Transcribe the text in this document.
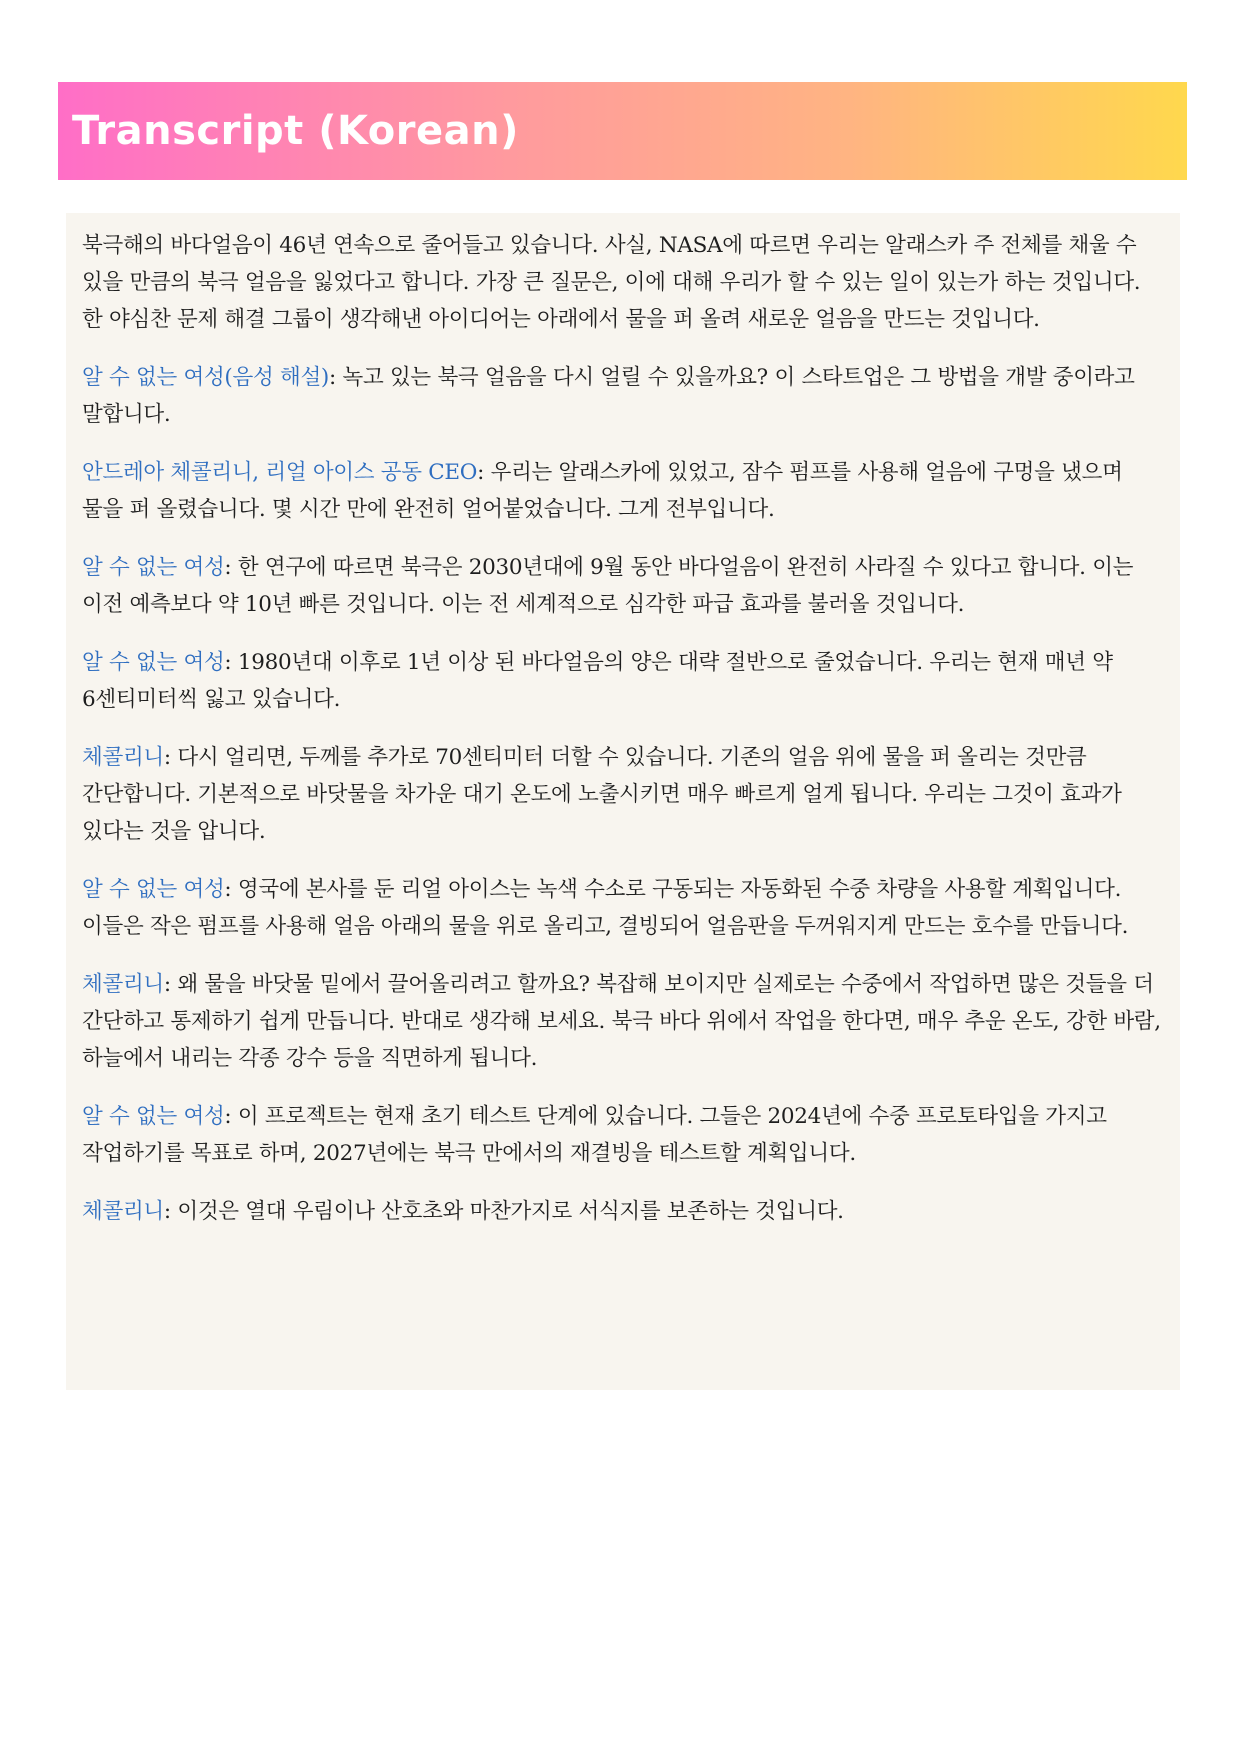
Transcript (Korean)

북극해의 바다얼음이 46년 연속으로 줄어들고 있습니다. 사실, NASA에 따르면 우리는 알래스카 주 전체를 채울 수 있을 만큼의 북극 얼음을 잃었다고 합니다. 가장 큰 질문은, 이에 대해 우리가 할 수 있는 일이 있는가 하는 것입니다. 한 야심찬 문제 해결 그룹이 생각해낸 아이디어는 아래에서 물을 퍼 올려 새로운 얼음을 만드는 것입니다.

알 수 없는 여성(음성 해설): 녹고 있는 북극 얼음을 다시 얼릴 수 있을까요? 이 스타트업은 그 방법을 개발 중이라고 말합니다.

안드레아 체콜리니, 리얼 아이스 공동 CEO: 우리는 알래스카에 있었고, 잠수 펌프를 사용해 얼음에 구멍을 냈으며 물을 퍼 올렸습니다. 몇 시간 만에 완전히 얼어붙었습니다. 그게 전부입니다.

알 수 없는 여성: 한 연구에 따르면 북극은 2030년대에 9월 동안 바다얼음이 완전히 사라질 수 있다고 합니다. 이는 이전 예측보다 약 10년 빠른 것입니다. 이는 전 세계적으로 심각한 파급 효과를 불러올 것입니다.

알 수 없는 여성: 1980년대 이후로 1년 이상 된 바다얼음의 양은 대략 절반으로 줄었습니다. 우리는 현재 매년 약 6센티미터씩 잃고 있습니다.

체콜리니: 다시 얼리면, 두께를 추가로 70센티미터 더할 수 있습니다. 기존의 얼음 위에 물을 퍼 올리는 것만큼 간단합니다. 기본적으로 바닷물을 차가운 대기 온도에 노출시키면 매우 빠르게 얼게 됩니다. 우리는 그것이 효과가 있다는 것을 압니다.

알 수 없는 여성: 영국에 본사를 둔 리얼 아이스는 녹색 수소로 구동되는 자동화된 수중 차량을 사용할 계획입니다. 이들은 작은 펌프를 사용해 얼음 아래의 물을 위로 올리고, 결빙되어 얼음판을 두꺼워지게 만드는 호수를 만듭니다.

체콜리니: 왜 물을 바닷물 밑에서 끌어올리려고 할까요? 복잡해 보이지만 실제로는 수중에서 작업하면 많은 것들을 더 간단하고 통제하기 쉽게 만듭니다. 반대로 생각해 보세요. 북극 바다 위에서 작업을 한다면, 매우 추운 온도, 강한 바람, 하늘에서 내리는 각종 강수 등을 직면하게 됩니다.

알 수 없는 여성: 이 프로젝트는 현재 초기 테스트 단계에 있습니다. 그들은 2024년에 수중 프로토타입을 가지고 작업하기를 목표로 하며, 2027년에는 북극 만에서의 재결빙을 테스트할 계획입니다.

체콜리니: 이것은 열대 우림이나 산호초와 마찬가지로 서식지를 보존하는 것입니다.
